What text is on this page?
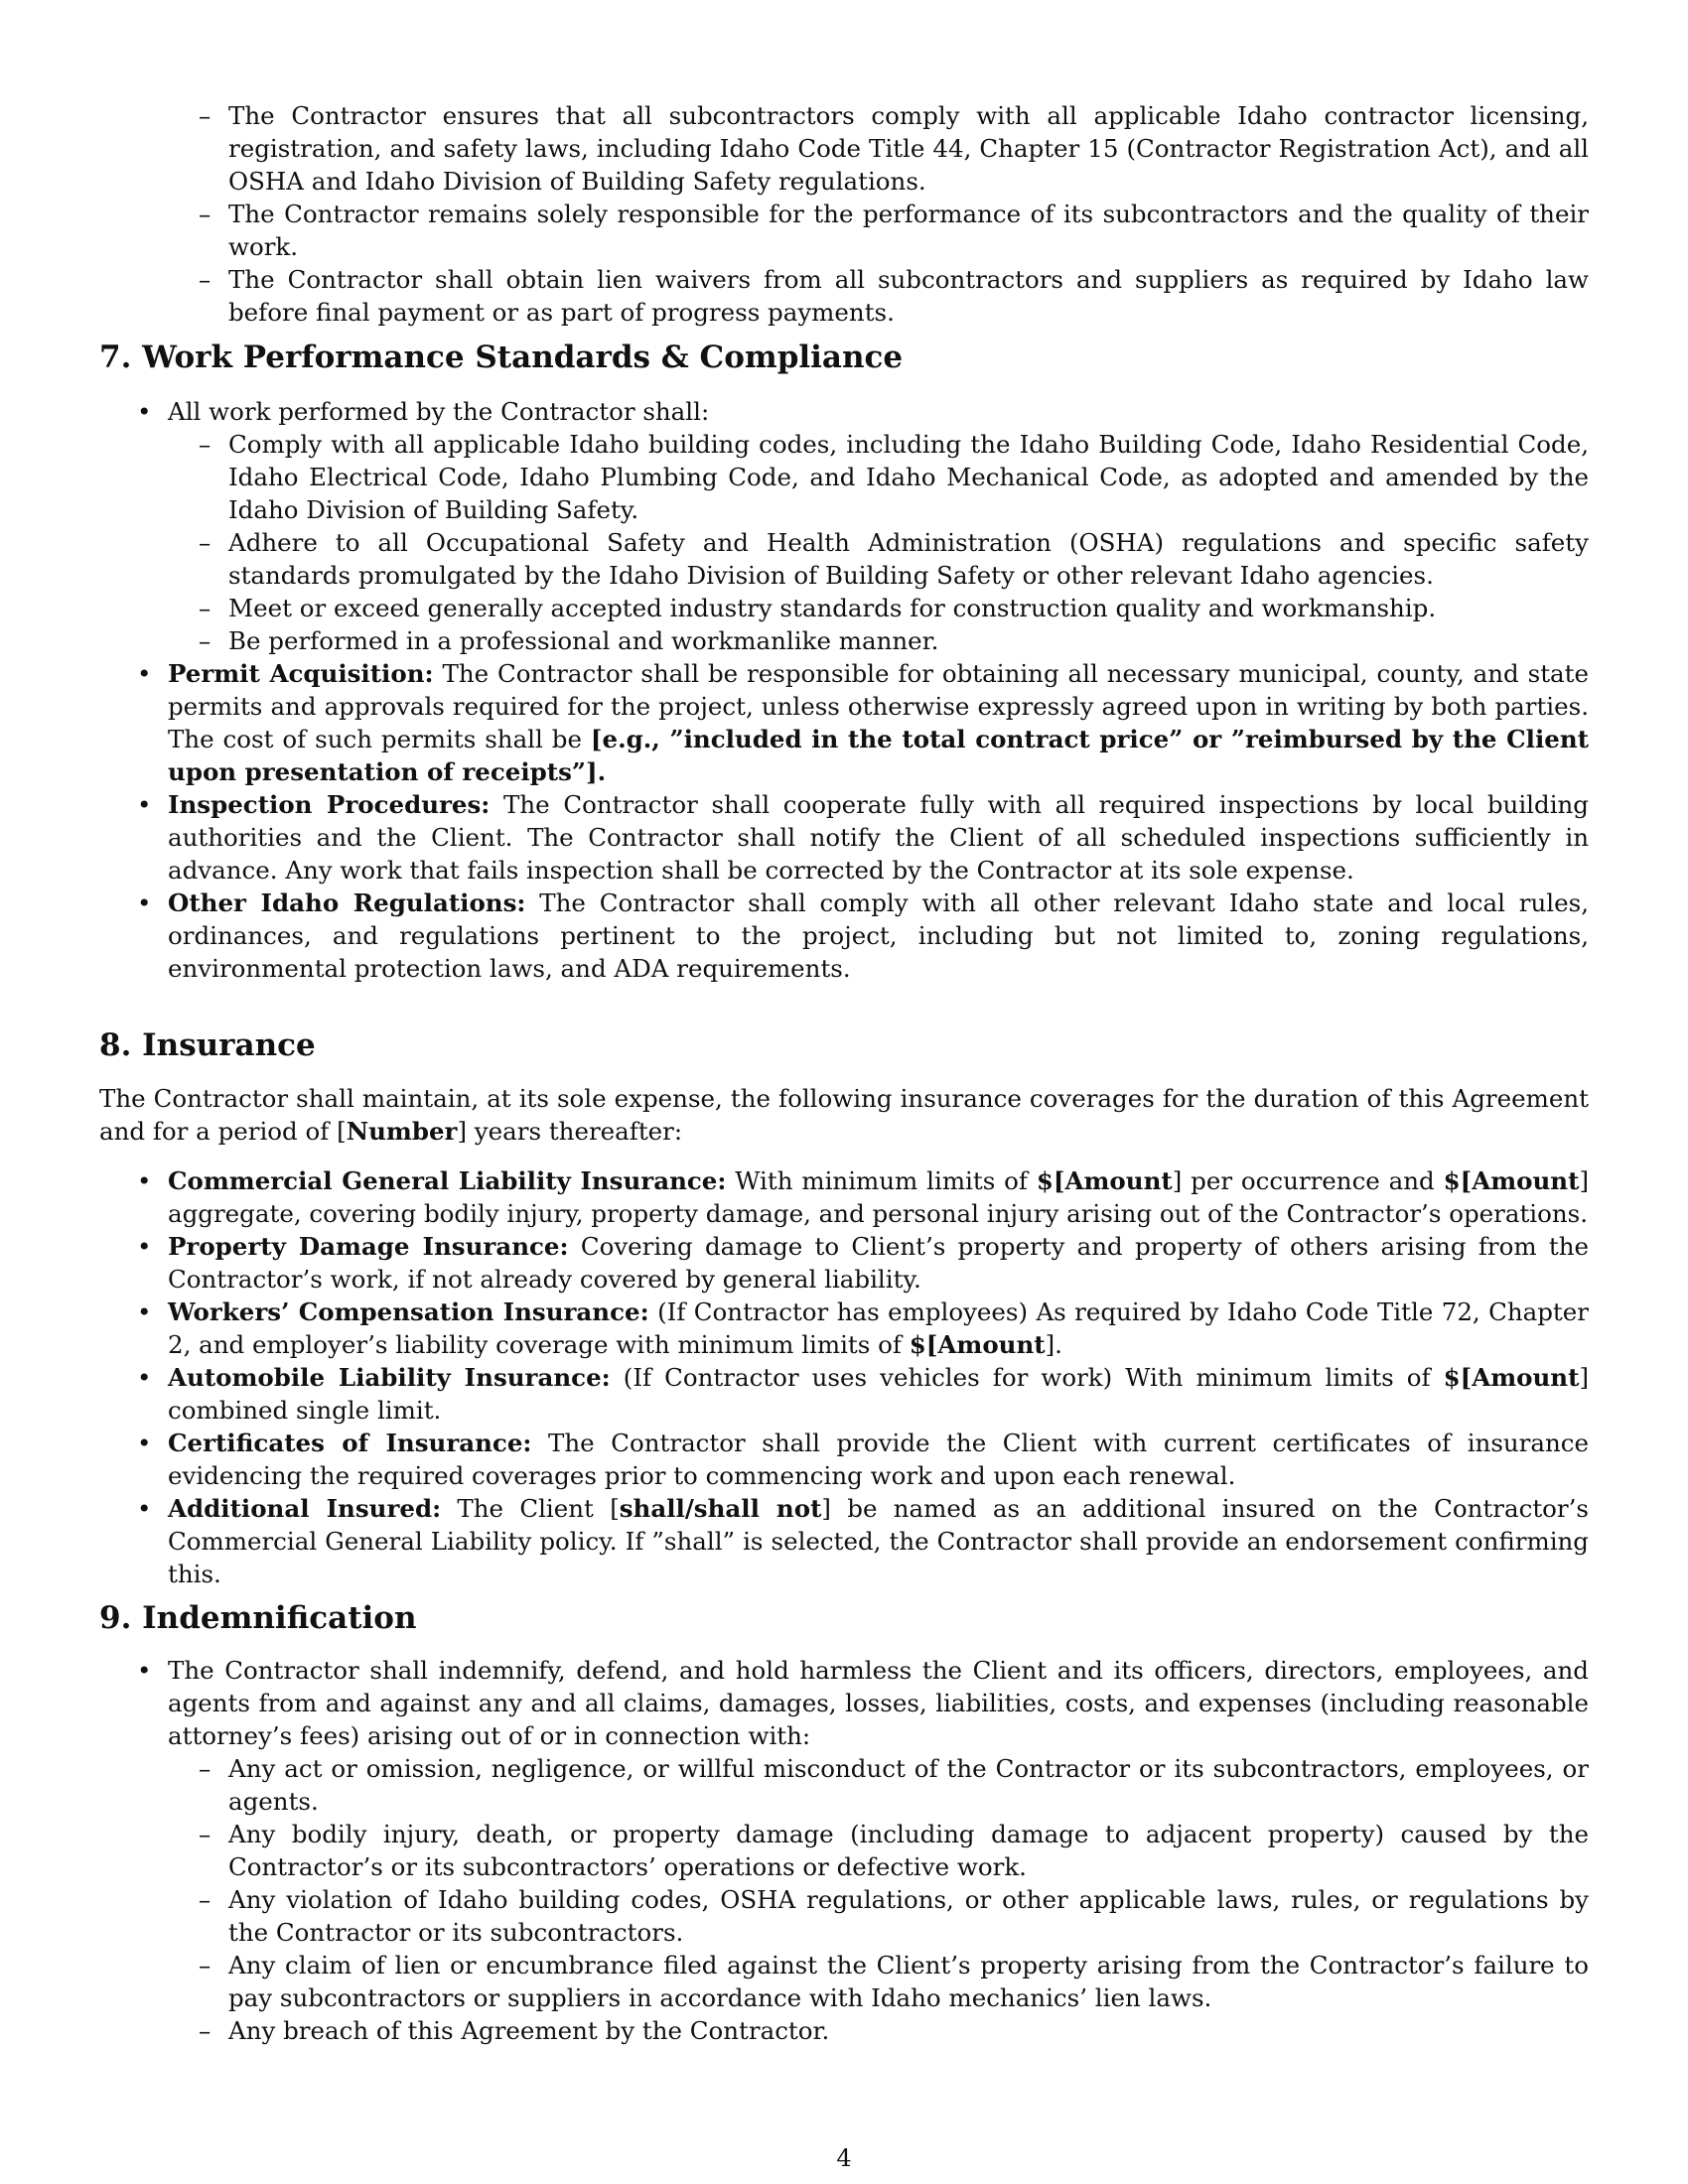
– The Contractor ensures that all subcontractors comply with all applicable Idaho contractor licensing, registration, and safety laws, including Idaho Code Title 44, Chapter 15 (Contractor Registration Act), and all OSHA and Idaho Division of Building Safety regulations.
– The Contractor remains solely responsible for the performance of its subcontractors and the quality of their work.
– The Contractor shall obtain lien waivers from all subcontractors and suppliers as required by Idaho law before final payment or as part of progress payments.
7. Work Performance Standards & Compliance
• All work performed by the Contractor shall:
– Comply with all applicable Idaho building codes, including the Idaho Building Code, Idaho Residential Code, Idaho Electrical Code, Idaho Plumbing Code, and Idaho Mechanical Code, as adopted and amended by the Idaho Division of Building Safety.
– Adhere to all Occupational Safety and Health Administration (OSHA) regulations and specific safety standards promulgated by the Idaho Division of Building Safety or other relevant Idaho agencies.
– Meet or exceed generally accepted industry standards for construction quality and workmanship.
– Be performed in a professional and workmanlike manner.
• Permit Acquisition: The Contractor shall be responsible for obtaining all necessary municipal, county, and state permits and approvals required for the project, unless otherwise expressly agreed upon in writing by both parties. The cost of such permits shall be [e.g., ”included in the total contract price” or ”reimbursed by the Client upon presentation of receipts”].
• Inspection Procedures: The Contractor shall cooperate fully with all required inspections by local building authorities and the Client. The Contractor shall notify the Client of all scheduled inspections sufficiently in advance. Any work that fails inspection shall be corrected by the Contractor at its sole expense.
• Other Idaho Regulations: The Contractor shall comply with all other relevant Idaho state and local rules, ordinances, and regulations pertinent to the project, including but not limited to, zoning regulations, environmental protection laws, and ADA requirements.
8. Insurance

The Contractor shall maintain, at its sole expense, the following insurance coverages for the duration of this Agreement and for a period of [Number] years thereafter:

• Commercial General Liability Insurance: With minimum limits of $[Amount] per occurrence and $[Amount] aggregate, covering bodily injury, property damage, and personal injury arising out of the Contractor’s operations.
• Property Damage Insurance: Covering damage to Client’s property and property of others arising from the Contractor’s work, if not already covered by general liability.
• Workers’ Compensation Insurance: (If Contractor has employees) As required by Idaho Code Title 72, Chapter 2, and employer’s liability coverage with minimum limits of $[Amount].
• Automobile Liability Insurance: (If Contractor uses vehicles for work) With minimum limits of $[Amount] combined single limit.
• Certificates of Insurance: The Contractor shall provide the Client with current certificates of insurance evidencing the required coverages prior to commencing work and upon each renewal.
• Additional Insured: The Client [shall/shall not] be named as an additional insured on the Contractor’s Commercial General Liability policy. If ”shall” is selected, the Contractor shall provide an endorsement confirming this.
9. Indemnification
• The Contractor shall indemnify, defend, and hold harmless the Client and its officers, directors, employees, and agents from and against any and all claims, damages, losses, liabilities, costs, and expenses (including reasonable attorney’s fees) arising out of or in connection with:
– Any act or omission, negligence, or willful misconduct of the Contractor or its subcontractors, employees, or agents.
– Any bodily injury, death, or property damage (including damage to adjacent property) caused by the Contractor’s or its subcontractors’ operations or defective work.
– Any violation of Idaho building codes, OSHA regulations, or other applicable laws, rules, or regulations by the Contractor or its subcontractors.
– Any claim of lien or encumbrance filed against the Client’s property arising from the Contractor’s failure to pay subcontractors or suppliers in accordance with Idaho mechanics’ lien laws.
– Any breach of this Agreement by the Contractor.
4
